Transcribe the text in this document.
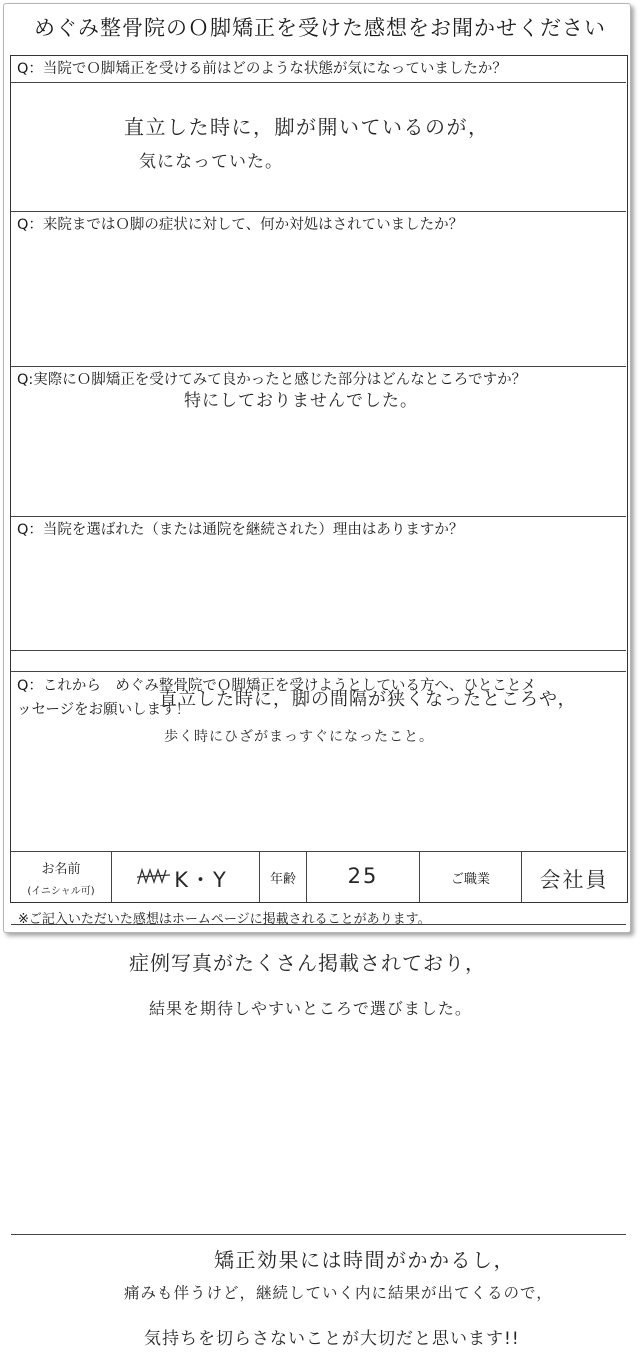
めぐみ整骨院のＯ脚矯正を受けた感想をお聞かせください
Q：当院でＯ脚矯正を受ける前はどのような状態が気になっていましたか？
直立した時に，脚が開いているのが，
気になっていた。
Q：来院まではＯ脚の症状に対して、何か対処はされていましたか？
特にしておりませんでした。
Q:実際にＯ脚矯正を受けてみて良かったと感じた部分はどんなところですか？
直立した時に，脚の間隔が狭くなったところや，
歩く時にひざがまっすぐになったこと。
Q：当院を選ばれた（または通院を継続された）理由はありますか？
症例写真がたくさん掲載されており，
結果を期待しやすいところで選びました。
Q：これから　めぐみ整骨院でＯ脚矯正を受けようとしている方へ、ひとことメ
ッセージをお願いします！
矯正効果には時間がかかるし，
痛みも伴うけど，継続していく内に結果が出てくるので，
気持ちを切らさないことが大切だと思います!!
お名前
(イニシャル可)	K・Y	年齢	25	ご職業	会社員
※ご記入いただいた感想はホームページに掲載されることがあります。
